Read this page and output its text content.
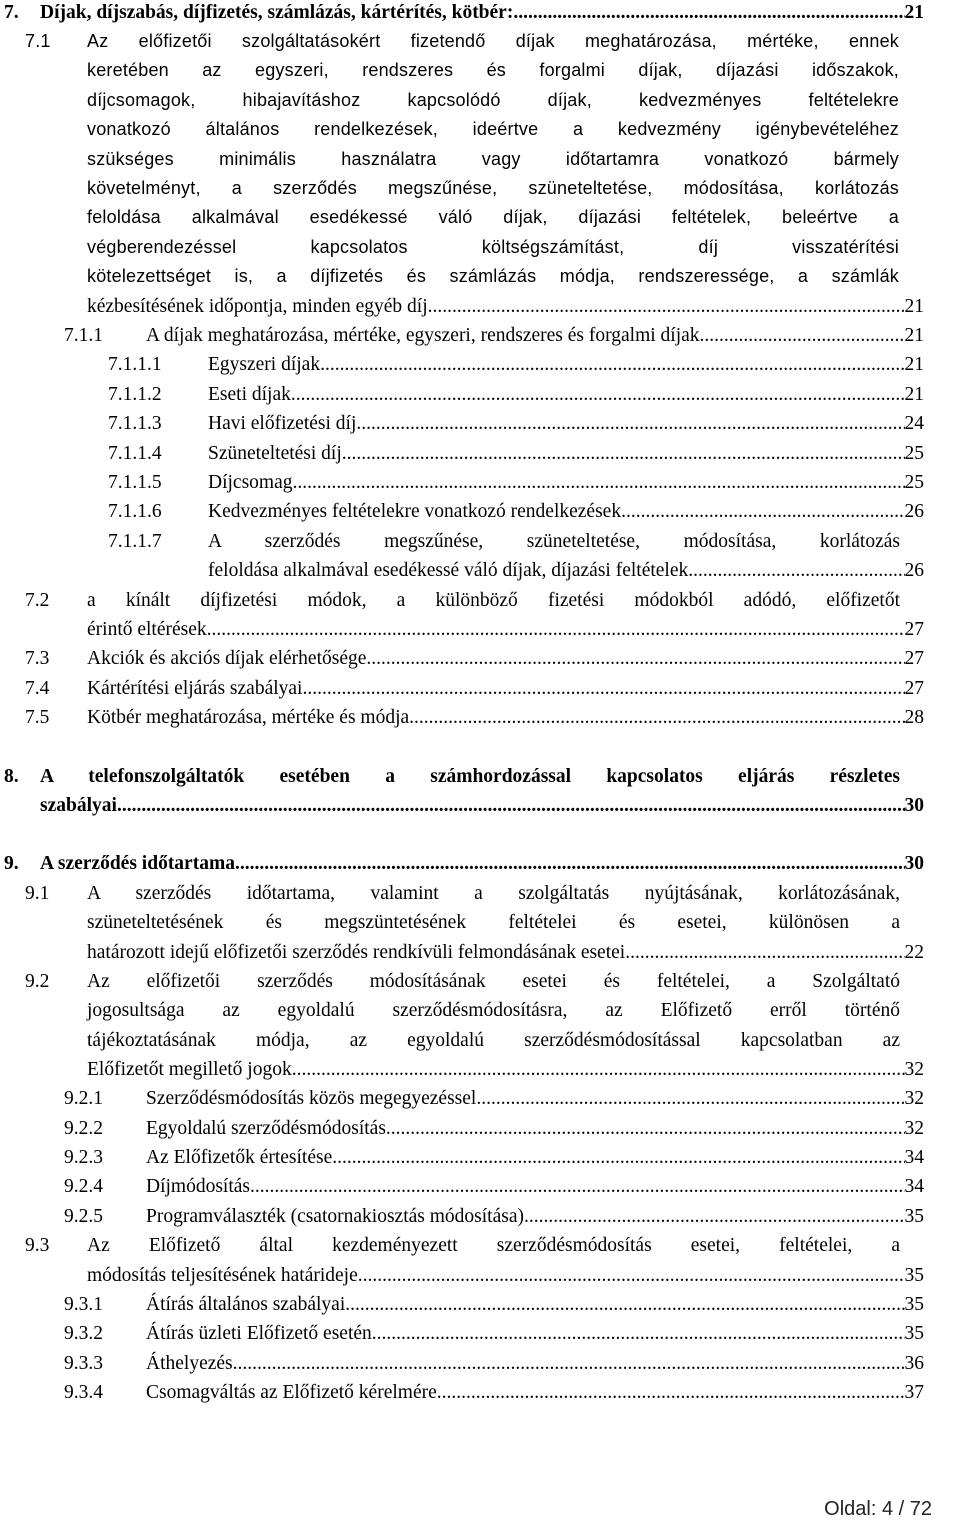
7. Díjak, díjszabás, díjfizetés, számlázás, kártérítés, kötbér: .....	21
7.1 Az előfizetői szolgáltatásokért fizetendő díjak meghatározása, mértéke, ennek
keretében az egyszeri, rendszeres és forgalmi díjak, díjazási időszakok,
díjcsomagok, hibajavításhoz kapcsolódó díjak, kedvezményes feltételekre
vonatkozó általános rendelkezések, ideértve a kedvezmény igénybevételéhez
szükséges minimális használatra vagy időtartamra vonatkozó bármely
követelményt, a szerződés megszűnése, szüneteltetése, módosítása, korlátozás
feloldása alkalmával esedékessé váló díjak, díjazási feltételek, beleértve a
végberendezéssel kapcsolatos költségszámítást, díj visszatérítési
kötelezettséget is, a díjfizetés és számlázás módja, rendszeressége, a számlák
kézbesítésének időpontja, minden egyéb díj .....	21
7.1.1 A díjak meghatározása, mértéke, egyszeri, rendszeres és forgalmi díjak .....	21
7.1.1.1 Egyszeri díjak .....	21
7.1.1.2 Eseti díjak .....	21
7.1.1.3 Havi előfizetési díj .....	24
7.1.1.4 Szüneteltetési díj .....	25
7.1.1.5 Díjcsomag .....	25
7.1.1.6 Kedvezményes feltételekre vonatkozó rendelkezések .....	26
7.1.1.7 A szerződés megszűnése, szüneteltetése, módosítása, korlátozás
feloldása alkalmával esedékessé váló díjak, díjazási feltételek .....	26
7.2 a kínált díjfizetési módok, a különböző fizetési módokból adódó, előfizetőt
érintő eltérések. .....	27
7.3 Akciók és akciós díjak elérhetősége .....	27
7.4 Kártérítési eljárás szabályai .....	27
7.5 Kötbér meghatározása, mértéke és módja .....	28
8. A telefonszolgáltatók esetében a számhordozással kapcsolatos eljárás részletes
szabályai .....	30
9. A szerződés időtartama .....	30
9.1 A szerződés időtartama, valamint a szolgáltatás nyújtásának, korlátozásának,
szüneteltetésének és megszüntetésének feltételei és esetei, különösen a
határozott idejű előfizetői szerződés rendkívüli felmondásának esetei .....	22
9.2 Az előfizetői szerződés módosításának esetei és feltételei, a Szolgáltató
jogosultsága az egyoldalú szerződésmódosításra, az Előfizető erről történő
tájékoztatásának módja, az egyoldalú szerződésmódosítással kapcsolatban az
Előfizetőt megillető jogok .....	32
9.2.1 Szerződésmódosítás közös megegyezéssel .....	32
9.2.2 Egyoldalú szerződésmódosítás .....	32
9.2.3 Az Előfizetők értesítése .....	34
9.2.4 Díjmódosítás .....	34
9.2.5 Programválaszték (csatornakiosztás módosítása) .....	35
9.3 Az Előfizető által kezdeményezett szerződésmódosítás esetei, feltételei, a
módosítás teljesítésének határideje .....	35
9.3.1 Átírás általános szabályai .....	35
9.3.2 Átírás üzleti Előfizető esetén .....	35
9.3.3 Áthelyezés .....	36
9.3.4 Csomagváltás az Előfizető kérelmére .....	37
Oldal: 4 / 72
